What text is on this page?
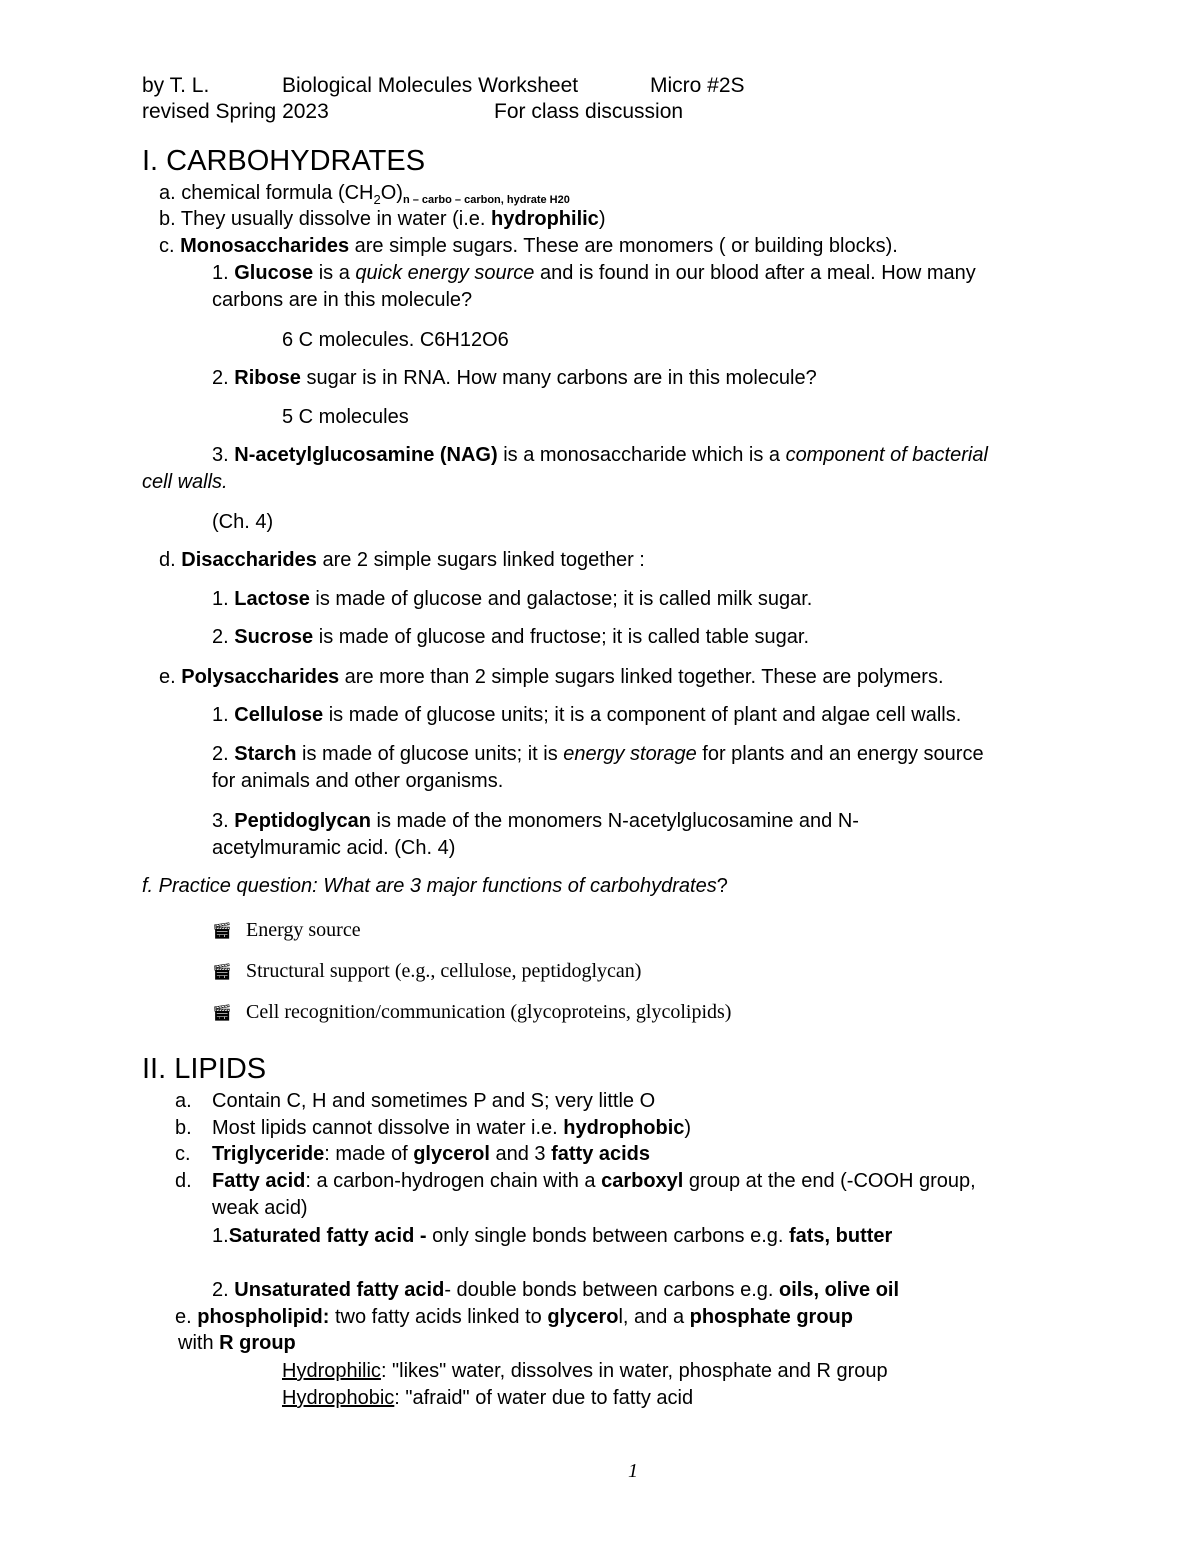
by T. L.	Biological Molecules Worksheet	Micro #2S
revised Spring 2023	For class discussion
I. CARBOHYDRATES
a. chemical formula $(CH_2O)_{n - carbo - carbon, hydrate H20}$
b. They usually dissolve in water (i.e. hydrophilic)
c. Monosaccharides are simple sugars. These are monomers ( or building blocks).
1. Glucose is a quick energy source and is found in our blood after a meal. How many
carbons are in this molecule?
6 C molecules. C6H12O6
2. Ribose sugar is in RNA. How many carbons are in this molecule?
5 C molecules
3. N-acetylglucosamine (NAG) is a monosaccharide which is a component of bacterial
cell walls.
(Ch. 4)
d. Disaccharides are 2 simple sugars linked together :
1. Lactose is made of glucose and galactose; it is called milk sugar.
2. Sucrose is made of glucose and fructose; it is called table sugar.
e. Polysaccharides are more than 2 simple sugars linked together. These are polymers.
1. Cellulose is made of glucose units; it is a component of plant and algae cell walls.
2. Starch is made of glucose units; it is energy storage for plants and an energy source
for animals and other organisms.
3. Peptidoglycan is made of the monomers N-acetylglucosamine and N-
acetylmuramic acid. (Ch. 4)
f. Practice question: What are 3 major functions of carbohydrates?
🎬︎ Energy source
🎬︎ Structural support (e.g., cellulose, peptidoglycan)
🎬︎ Cell recognition/communication (glycoproteins, glycolipids)
II. LIPIDS
a. Contain C, H and sometimes P and S; very little O
b. Most lipids cannot dissolve in water i.e. hydrophobic)
c. Triglyceride: made of glycerol and 3 fatty acids
d. Fatty acid: a carbon-hydrogen chain with a carboxyl group at the end (-COOH group,
weak acid)
1.Saturated fatty acid - only single bonds between carbons e.g. fats, butter
2. Unsaturated fatty acid- double bonds between carbons e.g. oils, olive oil
e. phospholipid: two fatty acids linked to glycerol, and a phosphate group
with R group
Hydrophilic: "likes" water, dissolves in water, phosphate and R group
Hydrophobic: "afraid" of water due to fatty acid
1
